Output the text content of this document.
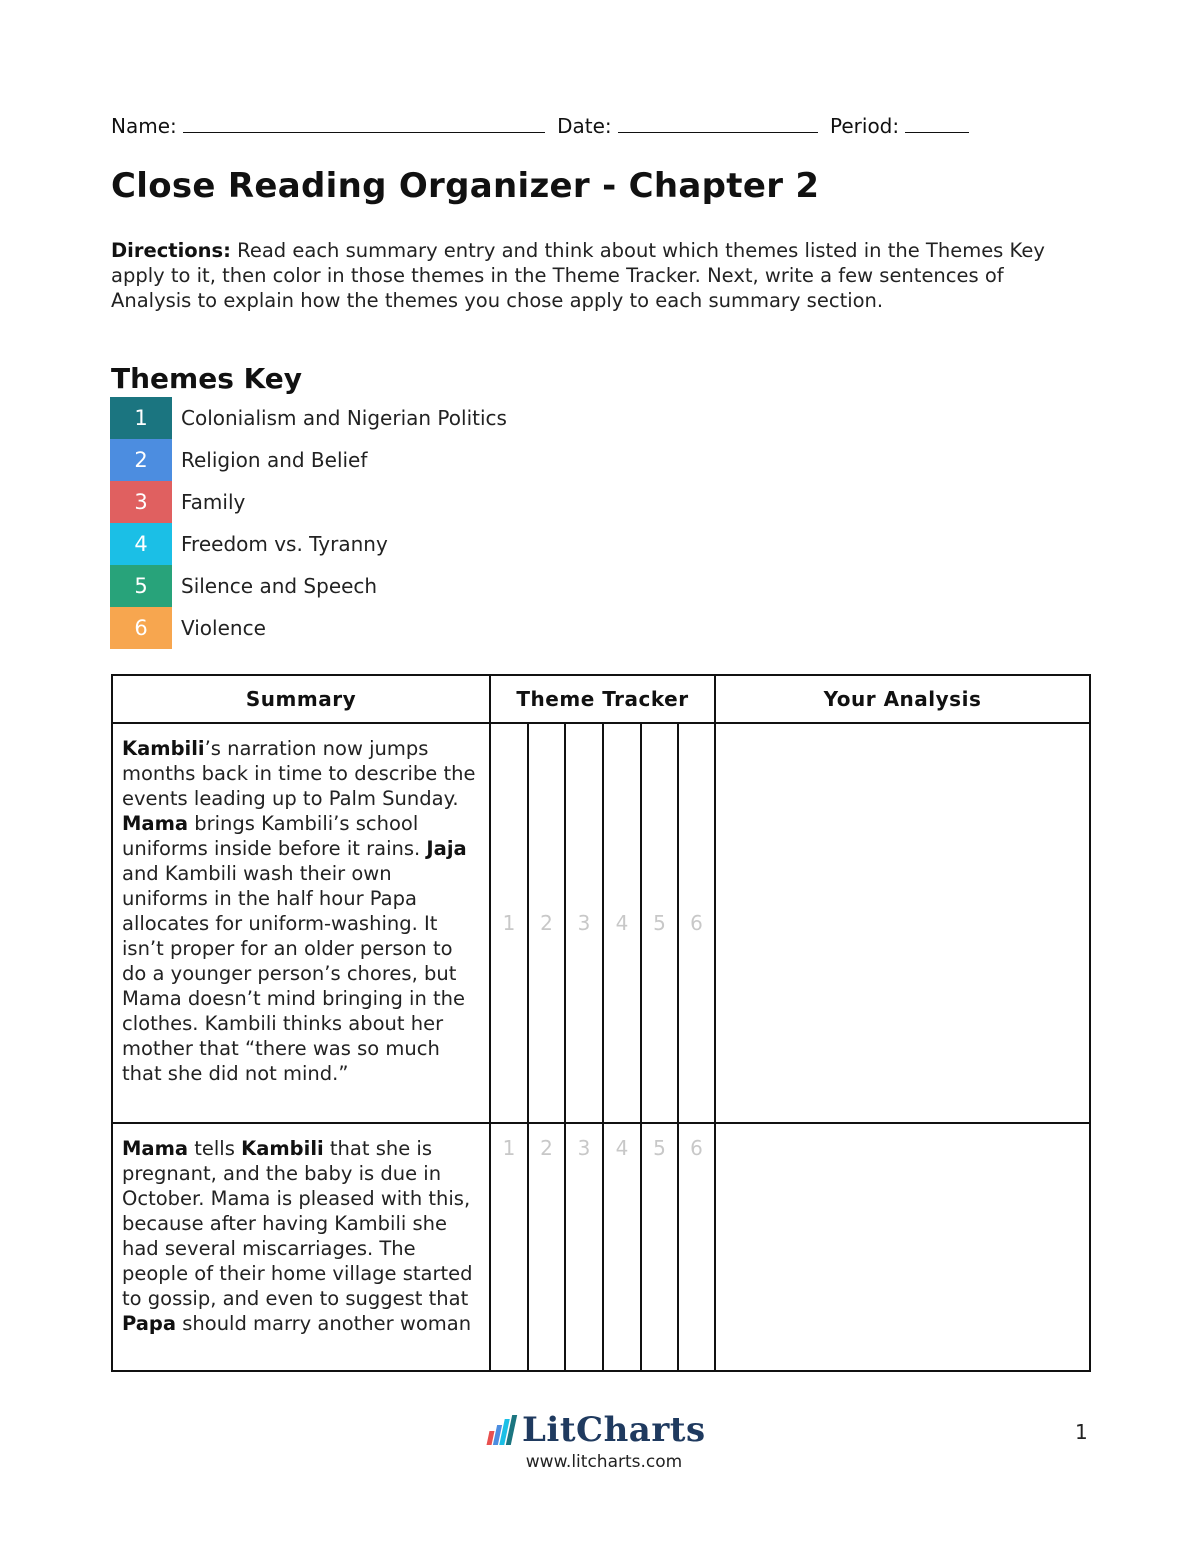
Name:	Date:	Period:
Close Reading Organizer - Chapter 2
Directions: Read each summary entry and think about which themes listed in the Themes Key apply to it, then color in those themes in the Theme Tracker. Next, write a few sentences of Analysis to explain how the themes you chose apply to each summary section.
Themes Key
1	Colonialism and Nigerian Politics
2	Religion and Belief
3	Family
4	Freedom vs. Tyranny
5	Silence and Speech
6	Violence
Summary	Theme Tracker						Your Analysis
Kambili’s narration now jumps months back in time to describe the events leading up to Palm Sunday. Mama brings Kambili’s school uniforms inside before it rains. Jaja and Kambili wash their own uniforms in the half hour Papa allocates for uniform-washing. It isn’t proper for an older person to do a younger person’s chores, but Mama doesn’t mind bringing in the clothes. Kambili thinks about her mother that “there was so much that she did not mind.”	1	2	3	4	5	6	
Mama tells Kambili that she is pregnant, and the baby is due in October. Mama is pleased with this, because after having Kambili she had several miscarriages. The people of their home village started to gossip, and even to suggest that Papa should marry another woman	1	2	3	4	5	6	
LitCharts
www.litcharts.com
1
